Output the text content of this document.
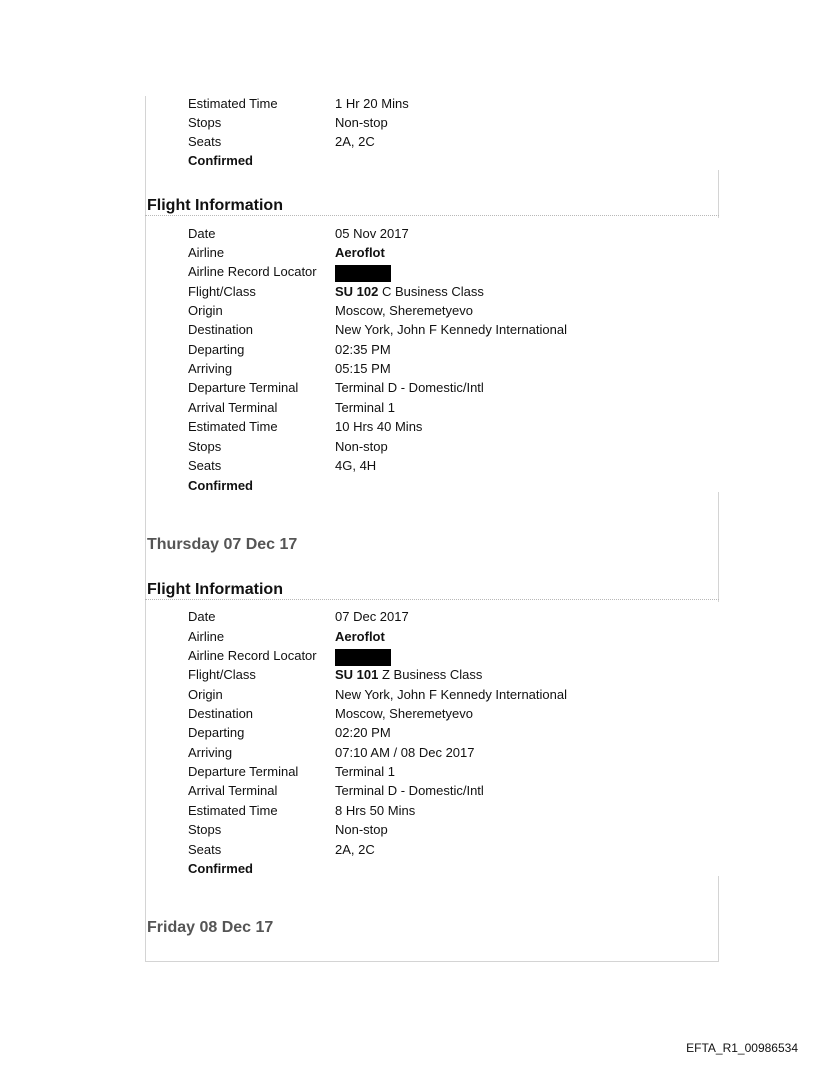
Estimated Time	1 Hr 20 Mins
Stops	Non-stop
Seats	2A, 2C
Confirmed
Flight Information
Date	05 Nov 2017
Airline	Aeroflot
Airline Record Locator
Flight/Class	SU 102 C Business Class
Origin	Moscow, Sheremetyevo
Destination	New York, John F Kennedy International
Departing	02:35 PM
Arriving	05:15 PM
Departure Terminal	Terminal D - Domestic/Intl
Arrival Terminal	Terminal 1
Estimated Time	10 Hrs 40 Mins
Stops	Non-stop
Seats	4G, 4H
Confirmed
Thursday 07 Dec 17
Flight Information
Date	07 Dec 2017
Airline	Aeroflot
Airline Record Locator
Flight/Class	SU 101 Z Business Class
Origin	New York, John F Kennedy International
Destination	Moscow, Sheremetyevo
Departing	02:20 PM
Arriving	07:10 AM / 08 Dec 2017
Departure Terminal	Terminal 1
Arrival Terminal	Terminal D - Domestic/Intl
Estimated Time	8 Hrs 50 Mins
Stops	Non-stop
Seats	2A, 2C
Confirmed
Friday 08 Dec 17
EFTA_R1_00986534
